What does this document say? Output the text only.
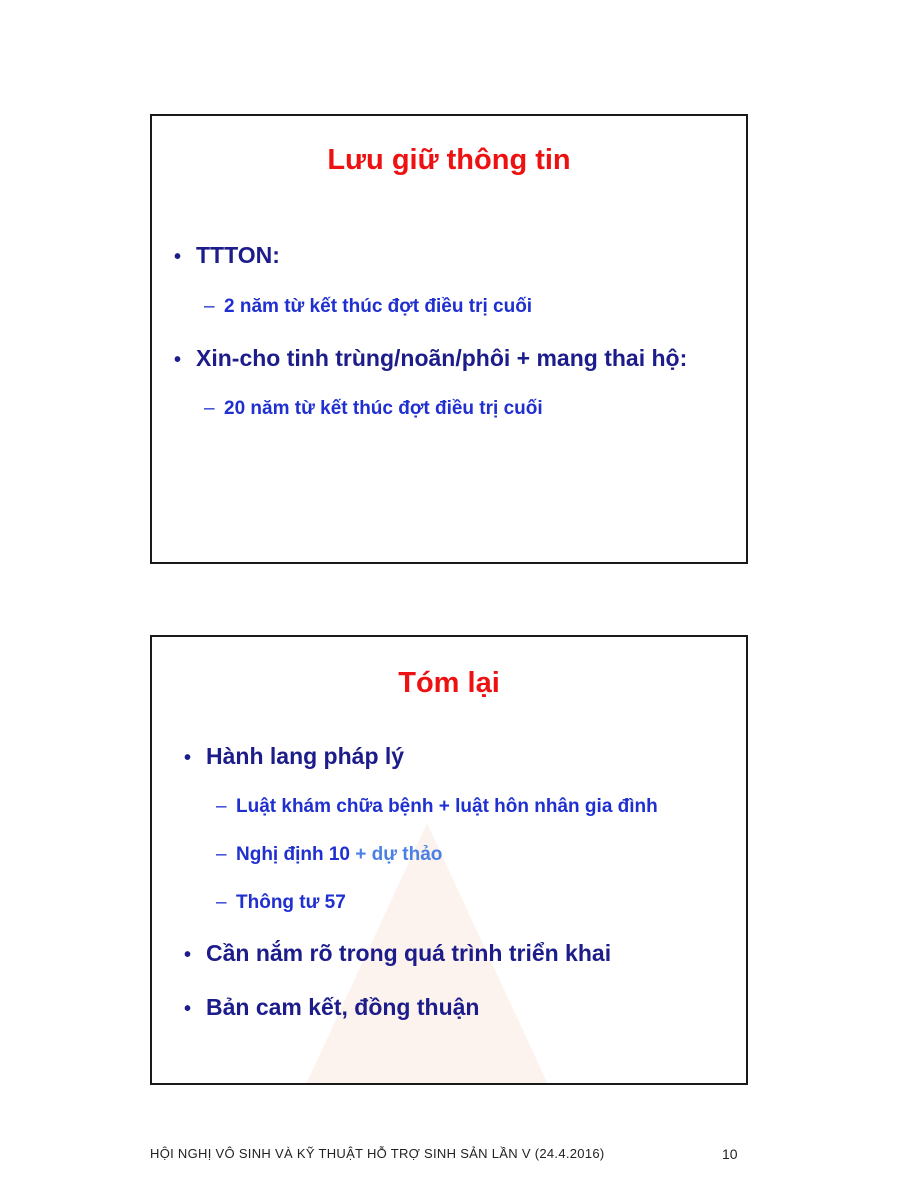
Lưu giữ thông tin
• TTTON:
– 2 năm từ kết thúc đợt điều trị cuối
• Xin-cho tinh trùng/noãn/phôi + mang thai hộ:
– 20 năm từ kết thúc đợt điều trị cuối
Tóm lại
• Hành lang pháp lý
– Luật khám chữa bệnh + luật hôn nhân gia đình
– Nghị định 10 + dự thảo
– Thông tư 57
• Cần nắm rõ trong quá trình triển khai
• Bản cam kết, đồng thuận
HỘI NGHỊ VÔ SINH VÀ KỸ THUẬT HỖ TRỢ SINH SẢN LẦN V (24.4.2016)	10
